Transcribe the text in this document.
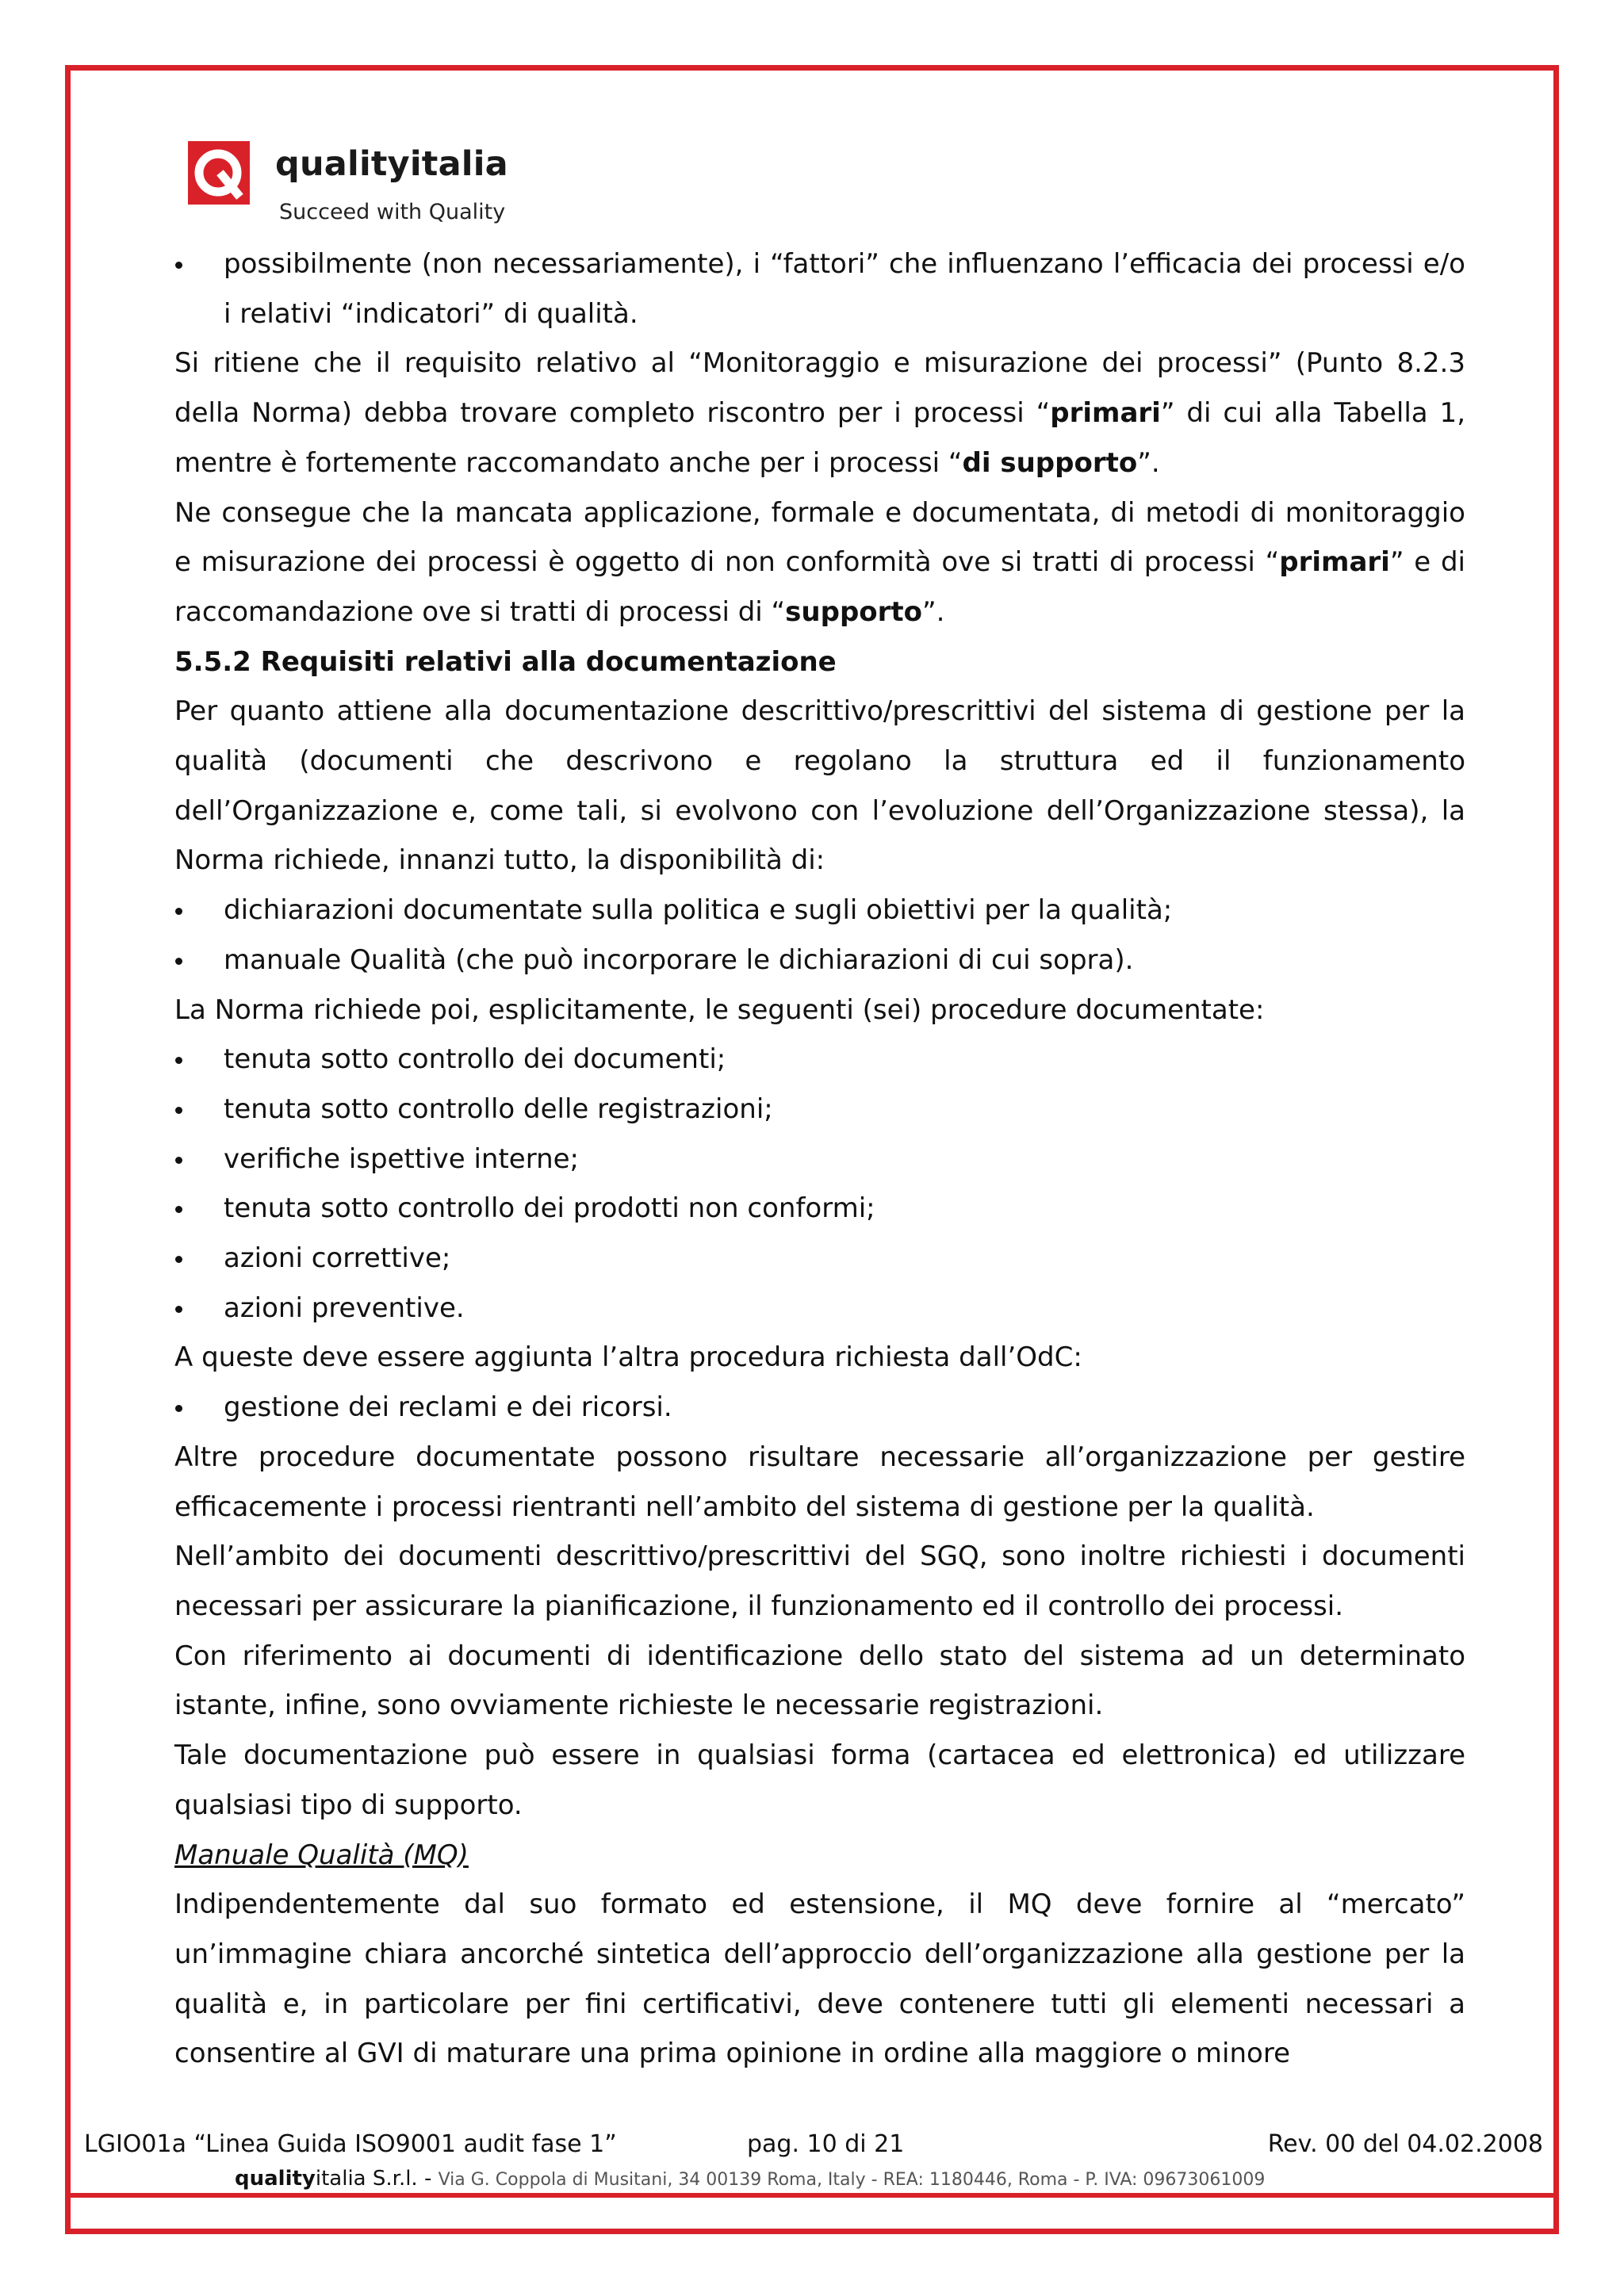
qualityitalia
Succeed with Quality
possibilmente (non necessariamente), i “fattori” che influenzano l’efficacia dei processi e/o i relativi “indicatori” di qualità.

Si ritiene che il requisito relativo al “Monitoraggio e misurazione dei processi” (Punto 8.2.3 della Norma) debba trovare completo riscontro per i processi “primari” di cui alla Tabella 1, mentre è fortemente raccomandato anche per i processi “di supporto”.

Ne consegue che la mancata applicazione, formale e documentata, di metodi di monitoraggio e misurazione dei processi è oggetto di non conformità ove si tratti di processi “primari” e di raccomandazione ove si tratti di processi di “supporto”.

5.5.2 Requisiti relativi alla documentazione

Per quanto attiene alla documentazione descrittivo/prescrittivi del sistema di gestione per la qualità (documenti che descrivono e regolano la struttura ed il funzionamento dell’Organizzazione e, come tali, si evolvono con l’evoluzione dell’Organizzazione stessa), la Norma richiede, innanzi tutto, la disponibilità di:

dichiarazioni documentate sulla politica e sugli obiettivi per la qualità;
manuale Qualità (che può incorporare le dichiarazioni di cui sopra).

La Norma richiede poi, esplicitamente, le seguenti (sei) procedure documentate:

tenuta sotto controllo dei documenti;
tenuta sotto controllo delle registrazioni;
verifiche ispettive interne;
tenuta sotto controllo dei prodotti non conformi;
azioni correttive;
azioni preventive.

A queste deve essere aggiunta l’altra procedura richiesta dall’OdC:

gestione dei reclami e dei ricorsi.

Altre procedure documentate possono risultare necessarie all’organizzazione per gestire efficacemente i processi rientranti nell’ambito del sistema di gestione per la qualità.

Nell’ambito dei documenti descrittivo/prescrittivi del SGQ, sono inoltre richiesti i documenti necessari per assicurare la pianificazione, il funzionamento ed il controllo dei processi.

Con riferimento ai documenti di identificazione dello stato del sistema ad un determinato istante, infine, sono ovviamente richieste le necessarie registrazioni.

Tale documentazione può essere in qualsiasi forma (cartacea ed elettronica) ed utilizzare qualsiasi tipo di supporto.

Manuale Qualità (MQ)

Indipendentemente dal suo formato ed estensione, il MQ deve fornire al “mercato” un’immagine chiara ancorché sintetica dell’approccio dell’organizzazione alla gestione per la qualità e, in particolare per fini certificativi, deve contenere tutti gli elementi necessari a consentire al GVI di maturare una prima opinione in ordine alla maggiore o minore

LGIO01a “Linea Guida ISO9001 audit fase 1”	pag. 10 di 21	Rev. 00 del 04.02.2008
qualityitalia S.r.l. - Via G. Coppola di Musitani, 34 00139 Roma, Italy - REA: 1180446, Roma - P. IVA: 09673061009
